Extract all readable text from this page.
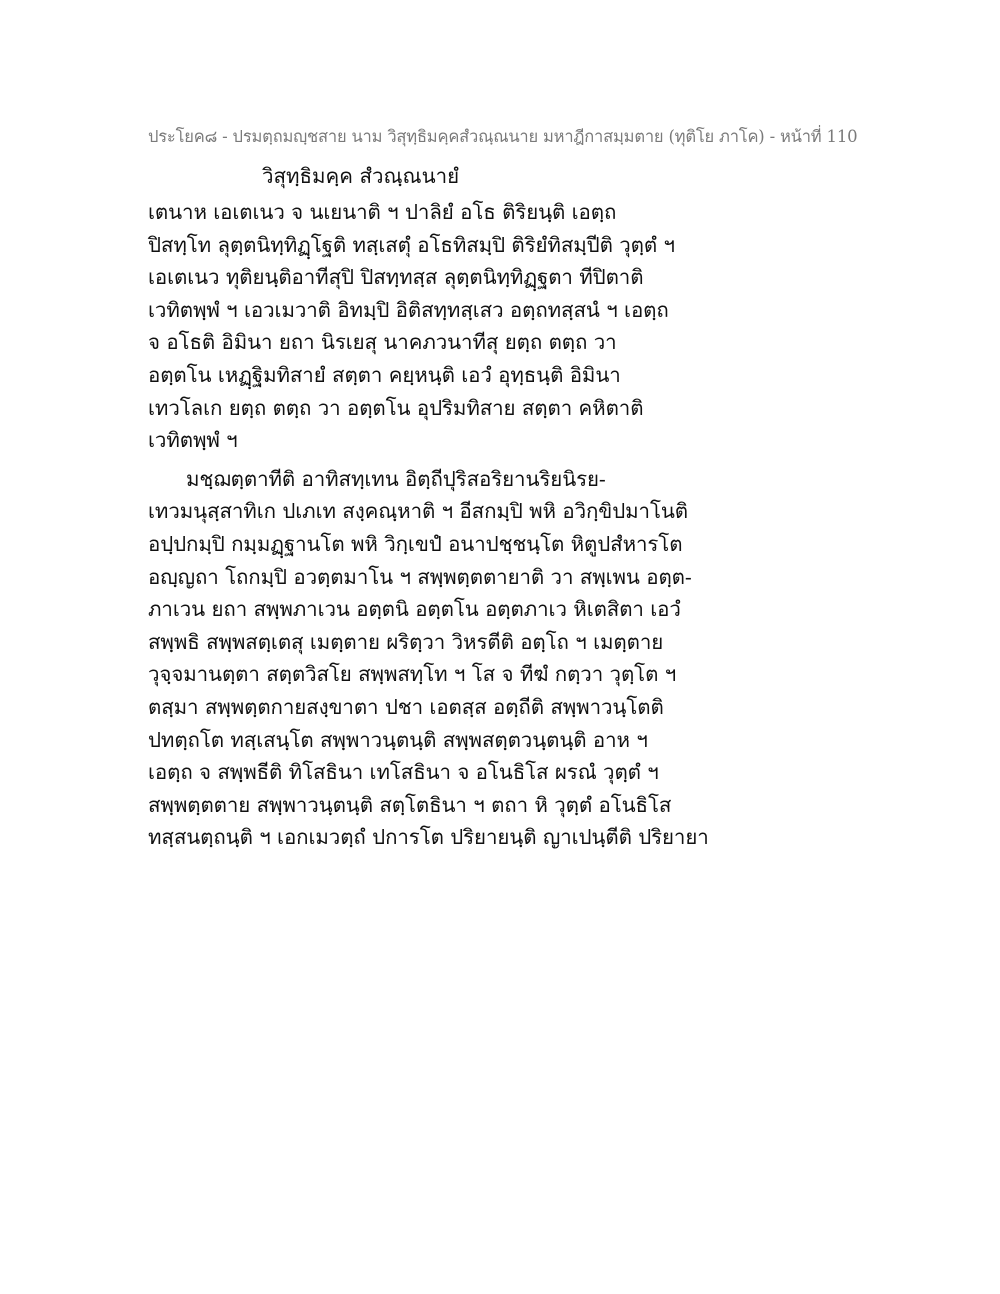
ประโยค๘ - ปรมตฺถมญฺชสาย นาม วิสุทฺธิมคฺคสํวณฺณนาย มหาฎีกาสมฺมตาย (ทุติโย ภาโค) - หน้าที่ 110
วิสุทฺธิมคฺค สํวณฺณนายํ
เตนาห เอเตเนว จ นเยนาติ ฯ ปาลิยํ อโธ ติริยนฺติ เอตฺถ
ปิสทฺโท ลุตฺตนิทฺทิฏฺโฐติ ทสฺเสตุํ อโธทิสมฺปิ ติริยํทิสมฺปีติ วุตฺตํ ฯ
เอเตเนว ทุติยนฺติอาทีสุปิ ปิสทฺทสฺส ลุตฺตนิทฺทิฏฺฐตา ทีปิตาติ
เวทิตพฺพํ ฯ เอวเมวาติ อิทมฺปิ อิติสทฺทสฺเสว อตฺถทสฺสนํ ฯ เอตฺถ
จ อโธติ อิมินา ยถา นิรเยสุ นาคภวนาทีสุ ยตฺถ ตตฺถ วา
อตฺตโน เหฏฺฐิมทิสายํ สตฺตา คยฺหนฺติ เอวํ อุทฺธนฺติ อิมินา
เทวโลเก ยตฺถ ตตฺถ วา อตฺตโน อุปริมทิสาย สตฺตา คหิตาติ
เวทิตพฺพํ ฯ
มชฺฌตฺตาทีติ อาทิสทฺเทน อิตฺถีปุริสอริยานริยนิรย-
เทวมนุสฺสาทิเก ปเภเท สงฺคณฺหาติ ฯ อีสกมฺปิ พหิ อวิกฺขิปมาโนติ
อปฺปกมฺปิ กมฺมฏฺฐานโต พหิ วิกฺเขปํ อนาปชฺชนฺโต หิตูปสํหารโต
อญฺญถา โถกมฺปิ อวตฺตมาโน ฯ สพฺพตฺตตายาติ วา สพฺเพน อตฺต-
ภาเวน ยถา สพฺพภาเวน อตฺตนิ อตฺตโน อตฺตภาเว หิเตสิตา เอวํ
สพฺพธิ สพฺพสตฺเตสุ เมตฺตาย ผริตฺวา วิหรตีติ อตฺโถ ฯ เมตฺตาย
วุจฺจมานตฺตา สตฺตวิสโย สพฺพสทฺโท ฯ โส จ ทีฆํ กตฺวา วุตฺโต ฯ
ตสฺมา สพฺพตฺตกายสงฺขาตา ปชา เอตสฺส อตฺถีติ สพฺพาวนฺโตติ
ปทตฺถโต ทสฺเสนฺโต สพฺพาวนฺตนฺติ สพฺพสตฺตวนฺตนฺติ อาห ฯ
เอตฺถ จ สพฺพธีติ ทิโสธินา เทโสธินา จ อโนธิโส ผรณํ วุตฺตํ ฯ
สพฺพตฺตตาย สพฺพาวนฺตนฺติ สตฺโตธินา ฯ ตถา หิ วุตฺตํ อโนธิโส
ทสฺสนตฺถนฺติ ฯ เอกเมวตฺถํ ปการโต ปริยายนฺติ ญาเปนฺตีติ ปริยายา
